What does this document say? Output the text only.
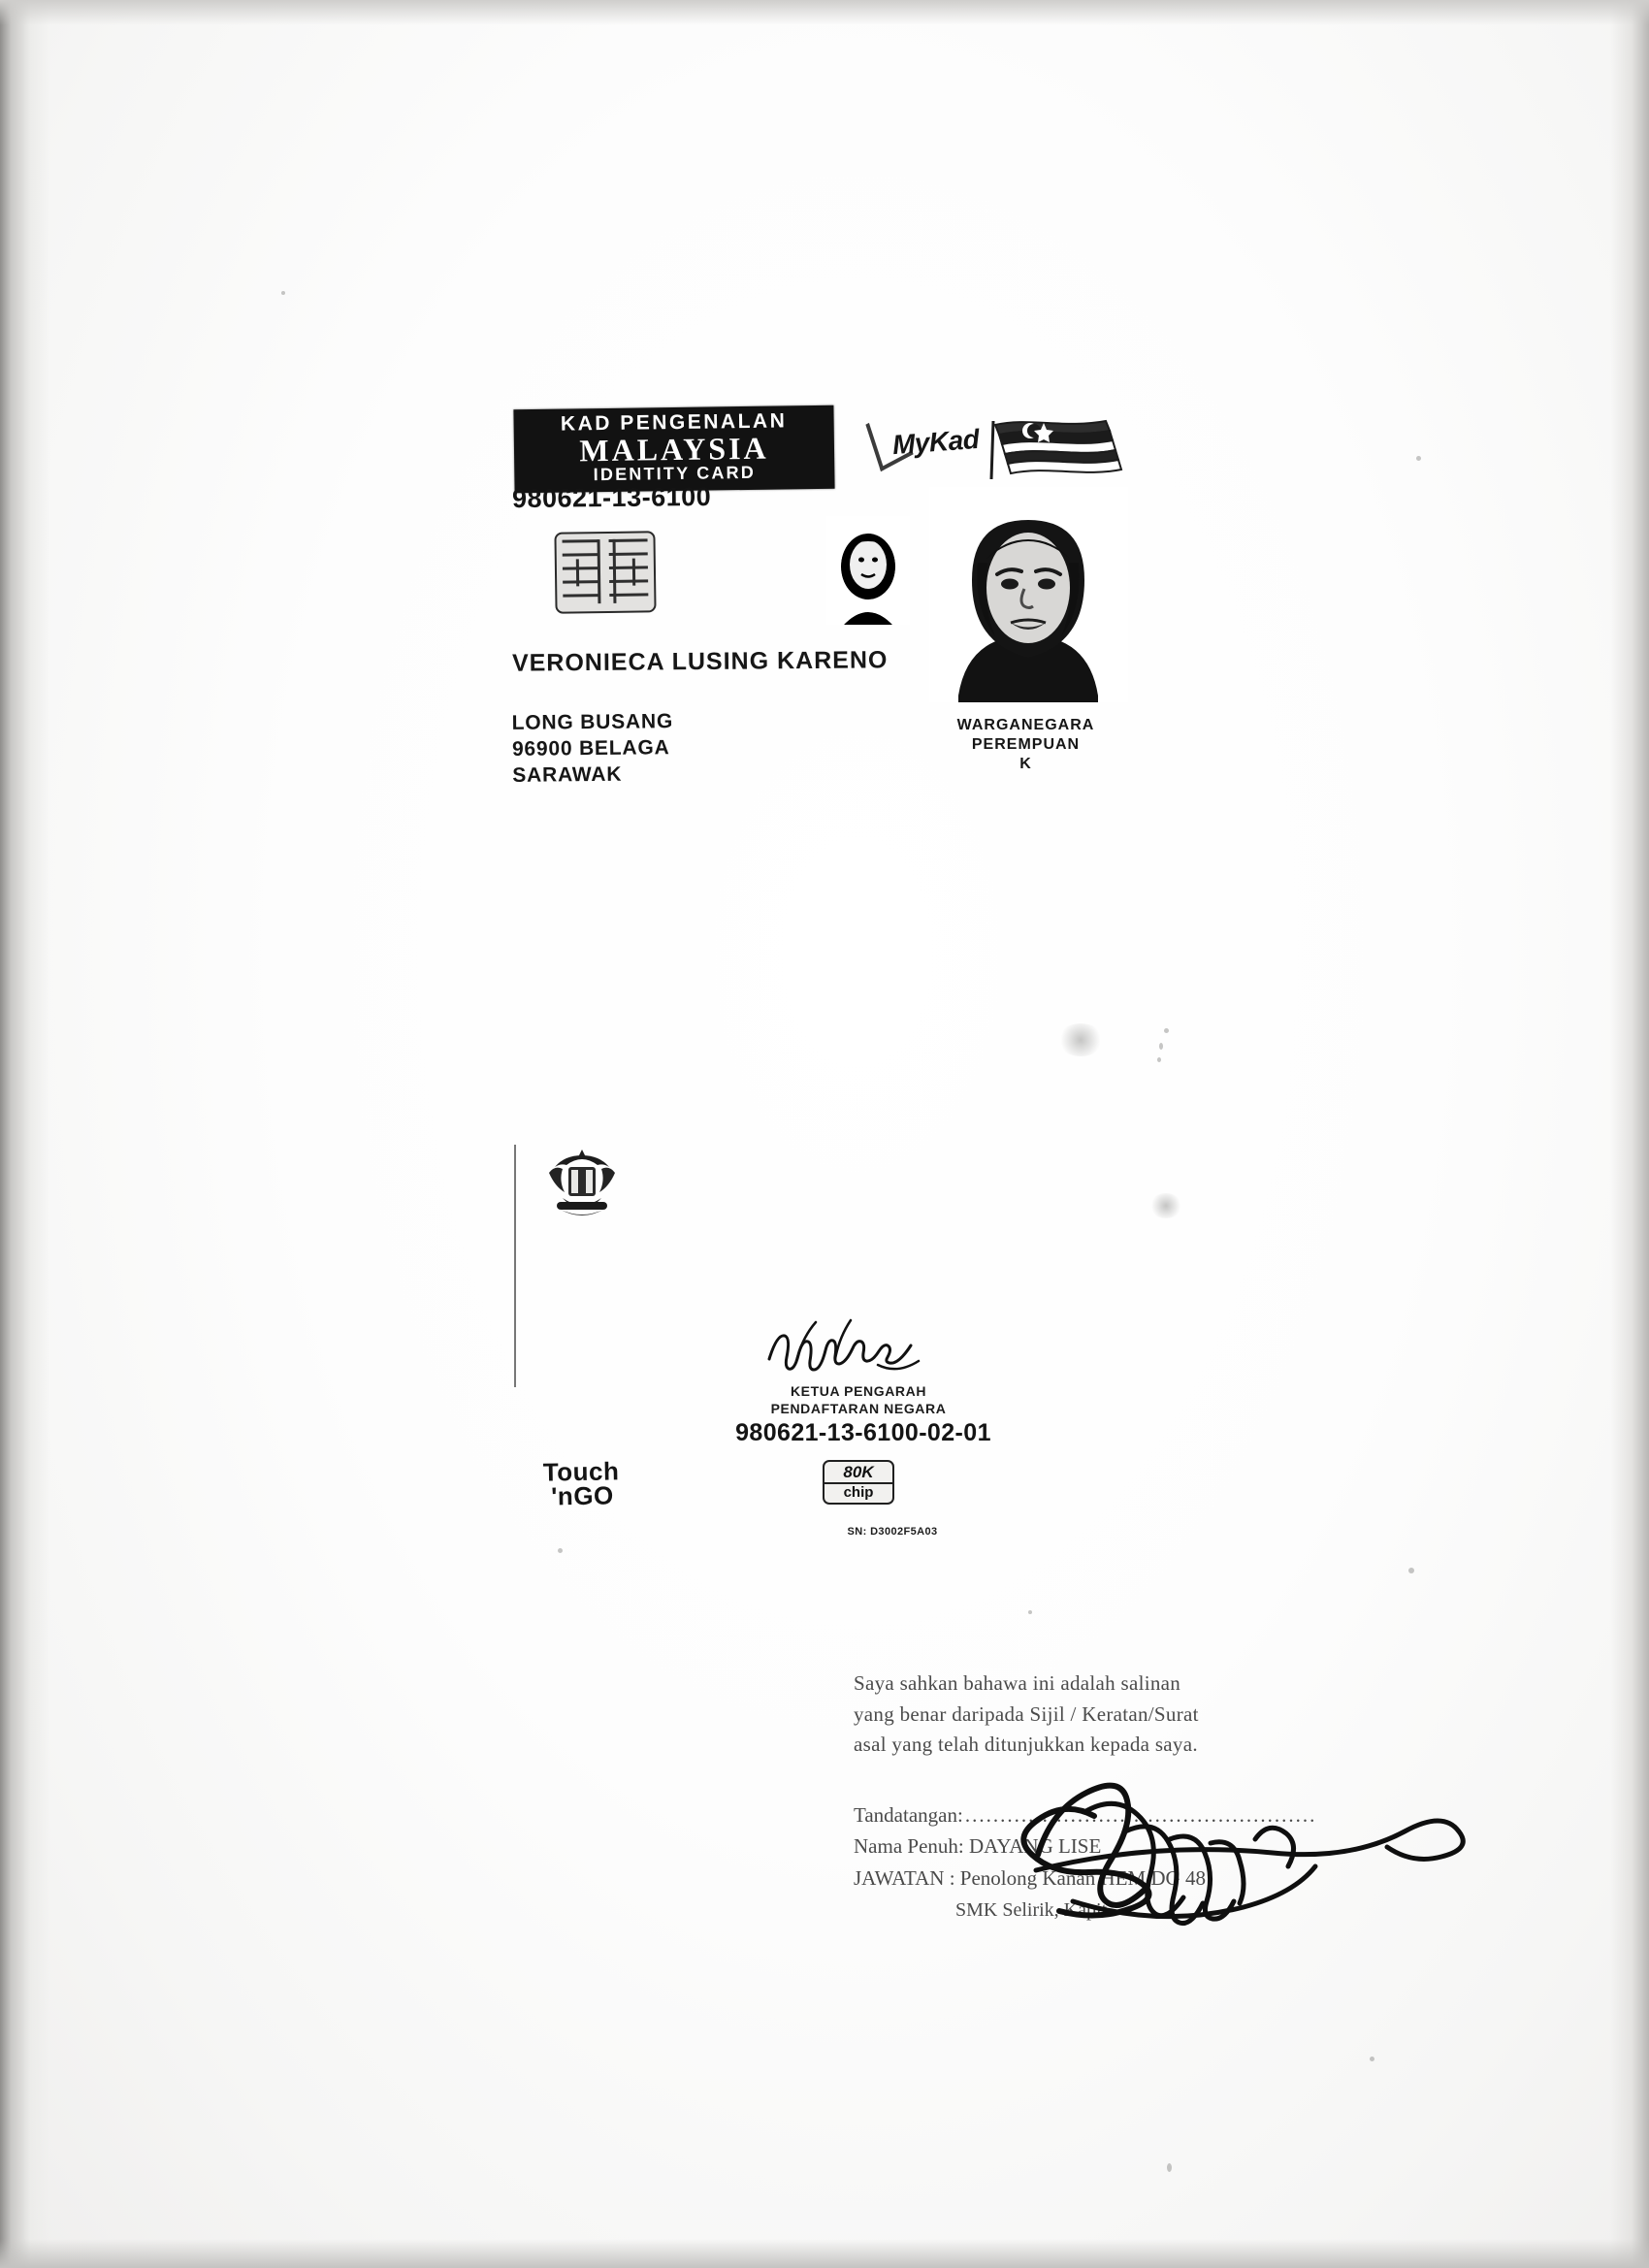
KAD PENGENALAN
MALAYSIA
IDENTITY CARD
MyKad
980621-13-6100
WARGANEGARA
PEREMPUAN
K
VERONIECA LUSING KARENO
LONG BUSANG
96900 BELAGA
SARAWAK
KETUA PENGARAH
PENDAFTARAN NEGARA
980621-13-6100-02-01
Touch
'nGO
80K
chip
SN: D3002F5A03
Saya sahkan bahawa ini adalah salinan
yang benar daripada Sijil / Keratan/Surat
asal yang telah ditunjukkan kepada saya.
Tandatangan:..................................................
Nama Penuh: DAYANG LISE
JAWATAN : Penolong Kanan HEM DG 48
SMK Selirik, Kapit
